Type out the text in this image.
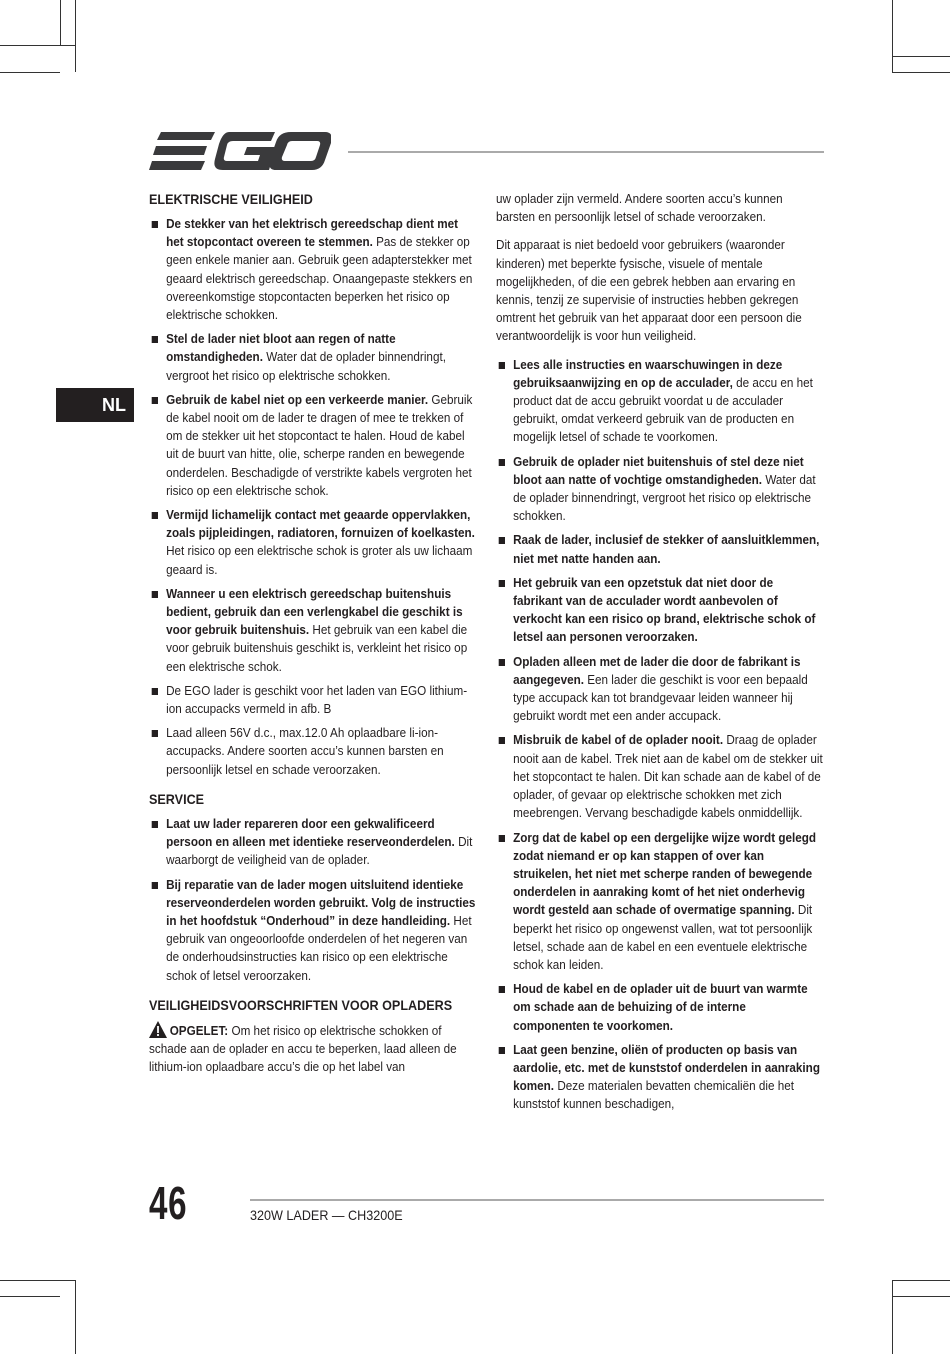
NL
ELEKTRISCHE VEILIGHEID
De stekker van het elektrisch gereedschap dient met het stopcontact overeen te stemmen. Pas de stekker op geen enkele manier aan. Gebruik geen adapterstekker met geaard elektrisch gereedschap. Onaangepaste stekkers en overeenkomstige stopcontacten beperken het risico op elektrische schokken.
Stel de lader niet bloot aan regen of natte omstandigheden. Water dat de oplader binnendringt, vergroot het risico op elektrische schokken.
Gebruik de kabel niet op een verkeerde manier. Gebruik de kabel nooit om de lader te dragen of mee te trekken of om de stekker uit het stopcontact te halen. Houd de kabel uit de buurt van hitte, olie, scherpe randen en bewegende onderdelen. Beschadigde of verstrikte kabels vergroten het risico op een elektrische schok.
Vermijd lichamelijk contact met geaarde oppervlakken, zoals pijpleidingen, radiatoren, fornuizen of koelkasten. Het risico op een elektrische schok is groter als uw lichaam geaard is.
Wanneer u een elektrisch gereedschap buitenshuis bedient, gebruik dan een verlengkabel die geschikt is voor gebruik buitenshuis. Het gebruik van een kabel die voor gebruik buitenshuis geschikt is, verkleint het risico op een elektrische schok.
De EGO lader is geschikt voor het laden van EGO lithium-ion accupacks vermeld in afb. B
Laad alleen 56V d.c., max.12.0 Ah oplaadbare li-ion-accupacks. Andere soorten accu’s kunnen barsten en persoonlijk letsel en schade veroorzaken.
SERVICE
Laat uw lader repareren door een gekwalificeerd persoon en alleen met identieke reserveonderdelen. Dit waarborgt de veiligheid van de oplader.
Bij reparatie van de lader mogen uitsluitend identieke reserveonderdelen worden gebruikt. Volg de instructies in het hoofdstuk “Onderhoud” in deze handleiding. Het gebruik van ongeoorloofde onderdelen of het negeren van de onderhoudsinstructies kan risico op een elektrische schok of letsel veroorzaken.
VEILIGHEIDSVOORSCHRIFTEN VOOR OPLADERS

OPGELET: Om het risico op elektrische schokken of schade aan de oplader en accu te beperken, laad alleen de lithium-ion oplaadbare accu’s die op het label van

uw oplader zijn vermeld. Andere soorten accu’s kunnen barsten en persoonlijk letsel of schade veroorzaken.

Dit apparaat is niet bedoeld voor gebruikers (waaronder kinderen) met beperkte fysische, visuele of mentale mogelijkheden, of die een gebrek hebben aan ervaring en kennis, tenzij ze supervisie of instructies hebben gekregen omtrent het gebruik van het apparaat door een persoon die verantwoordelijk is voor hun veiligheid.

Lees alle instructies en waarschuwingen in deze gebruiksaanwijzing en op de acculader, de accu en het product dat de accu gebruikt voordat u de acculader gebruikt, omdat verkeerd gebruik van de producten en mogelijk letsel of schade te voorkomen.
Gebruik de oplader niet buitenshuis of stel deze niet bloot aan natte of vochtige omstandigheden. Water dat de oplader binnendringt, vergroot het risico op elektrische schokken.
Raak de lader, inclusief de stekker of aansluitklemmen, niet met natte handen aan.
Het gebruik van een opzetstuk dat niet door de fabrikant van de acculader wordt aanbevolen of verkocht kan een risico op brand, elektrische schok of letsel aan personen veroorzaken.
Opladen alleen met de lader die door de fabrikant is aangegeven. Een lader die geschikt is voor een bepaald type accupack kan tot brandgevaar leiden wanneer hij gebruikt wordt met een ander accupack.
Misbruik de kabel of de oplader nooit. Draag de oplader nooit aan de kabel. Trek niet aan de kabel om de stekker uit het stopcontact te halen. Dit kan schade aan de kabel of de oplader, of gevaar op elektrische schokken met zich meebrengen. Vervang beschadigde kabels onmiddellijk.
Zorg dat de kabel op een dergelijke wijze wordt gelegd zodat niemand er op kan stappen of over kan struikelen, het niet met scherpe randen of bewegende onderdelen in aanraking komt of het niet onderhevig wordt gesteld aan schade of overmatige spanning. Dit beperkt het risico op ongewenst vallen, wat tot persoonlijk letsel, schade aan de kabel en een eventuele elektrische schok kan leiden.
Houd de kabel en de oplader uit de buurt van warmte om schade aan de behuizing of de interne componenten te voorkomen.
Laat geen benzine, oliën of producten op basis van aardolie, etc. met de kunststof onderdelen in aanraking komen. Deze materialen bevatten chemicaliën die het kunststof kunnen beschadigen,
46	320W LADER — CH3200E
